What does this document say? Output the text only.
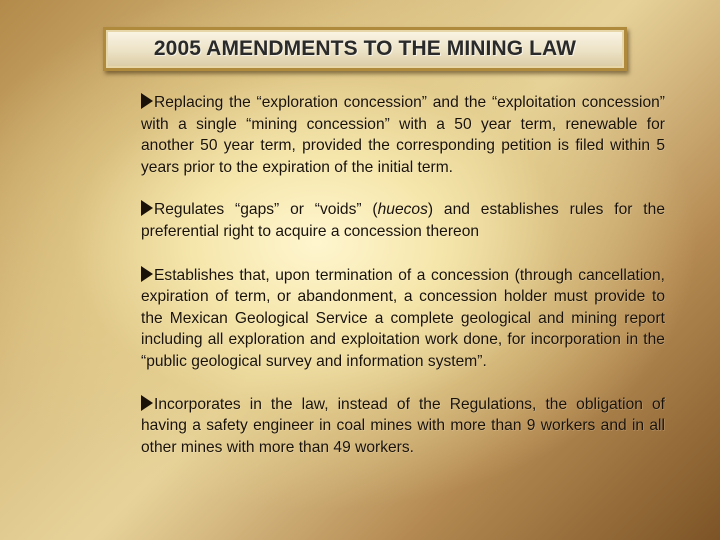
2005 AMENDMENTS TO THE MINING LAW
Replacing the “exploration concession” and the “exploitation concession” with a single “mining concession” with a 50 year term, renewable for another 50 year term, provided the corresponding petition is filed within 5 years prior to the expiration of the initial term.
Regulates “gaps” or “voids” (huecos) and establishes rules for the preferential right to acquire a concession thereon
Establishes that, upon termination of a concession (through cancellation, expiration of term, or abandonment, a concession holder must provide to the Mexican Geological Service a complete geological and mining report including all exploration and exploitation work done, for incorporation in the “public geological survey and information system”.
Incorporates in the law, instead of the Regulations, the obligation of having a safety engineer in coal mines with more than 9 workers and in all other mines with more than 49 workers.
